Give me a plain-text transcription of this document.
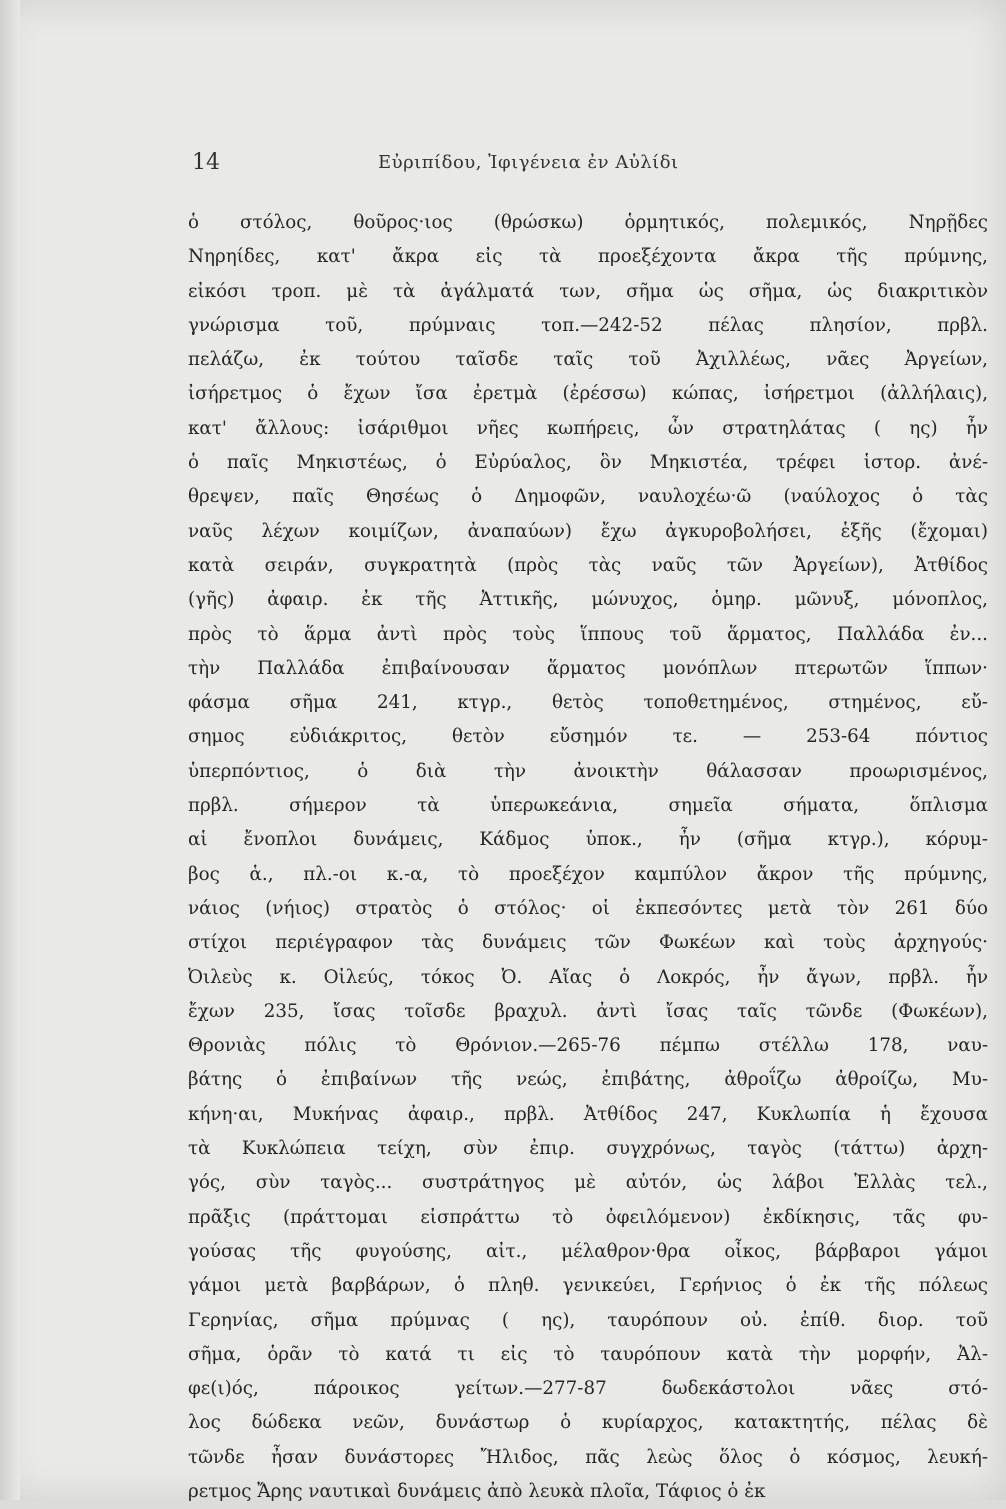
14	Εὐριπίδου, Ἰφιγένεια ἐν Αὐλίδι
ὁ στόλος, θοῦρος·ιος (θρώσκω) ὁρμητικός, πολεμικός, Νηρῇδες
Νηρηίδες, κατ' ἄκρα εἰς τὰ προεξέχοντα ἄκρα τῆς πρύμνης,
εἰκόσι τροπ. μὲ τὰ ἀγάλματά των, σῆμα ὡς σῆμα, ὡς διακριτικὸν
γνώρισμα τοῦ, πρύμναις τοπ.—242-52 πέλας πλησίον, πρβλ.
πελάζω, ἐκ τούτου ταῖσδε ταῖς τοῦ Ἀχιλλέως, νᾶες Ἀργείων,
ἰσήρετμος ὁ ἔχων ἴσα ἐρετμὰ (ἐρέσσω) κώπας, ἰσήρετμοι (ἀλλήλαις),
κατ' ἄλλους: ἰσάριθμοι νῆες κωπήρεις, ὧν στρατηλάτας ( ης) ἦν
ὁ παῖς Μηκιστέως, ὁ Εὐρύαλος, ὃν Μηκιστέα, τρέφει ἱστορ. ἀνέ-
θρεψεν, παῖς Θησέως ὁ Δημοφῶν, ναυλοχέω·ῶ (ναύλοχος ὁ τὰς
ναῦς λέχων κοιμίζων, ἀναπαύων) ἔχω ἀγκυροβολήσει, ἑξῆς (ἔχομαι)
κατὰ σειράν, συγκρατητὰ (πρὸς τὰς ναῦς τῶν Ἀργείων), Ἀτθίδος
(γῆς) ἀφαιρ. ἐκ τῆς Ἀττικῆς, μώνυχος, ὁμηρ. μῶνυξ, μόνοπλος,
πρὸς τὸ ἅρμα ἀντὶ πρὸς τοὺς ἵππους τοῦ ἅρματος, Παλλάδα ἐν...
τὴν Παλλάδα ἐπιβαίνουσαν ἅρματος μονόπλων πτερωτῶν ἵππων·
φάσμα σῆμα 241, κτγρ., θετὸς τοποθετημένος, στημένος, εὔ-
σημος εὐδιάκριτος, θετὸν εὔσημόν τε. — 253-64 πόντιος
ὑπερπόντιος, ὁ διὰ τὴν ἀνοικτὴν θάλασσαν προωρισμένος,
πρβλ. σήμερον τὰ ὑπερωκεάνια, σημεῖα σήματα, ὅπλισμα
αἱ ἔνοπλοι δυνάμεις, Κάδμος ὑποκ., ἦν (σῆμα κτγρ.), κόρυμ-
βος ἁ., πλ.-οι κ.-α, τὸ προεξέχον καμπύλον ἄκρον τῆς πρύμνης,
νάιος (νήιος) στρατὸς ὁ στόλος· οἱ ἐκπεσόντες μετὰ τὸν 261 δύο
στίχοι περιέγραφον τὰς δυνάμεις τῶν Φωκέων καὶ τοὺς ἀρχηγούς·
Ὀιλεὺς κ. Οἰλεύς, τόκος Ὀ. Αἴας ὁ Λοκρός, ἦν ἄγων, πρβλ. ἦν
ἔχων 235, ἴσας τοῖσδε βραχυλ. ἀντὶ ἴσας ταῖς τῶνδε (Φωκέων),
Θρονιὰς πόλις τὸ Θρόνιον.—265-76 πέμπω στέλλω 178, ναυ-
βάτης ὁ ἐπιβαίνων τῆς νεώς, ἐπιβάτης, ἀθροΐζω ἀθροίζω, Μυ-
κήνη·αι, Μυκήνας ἀφαιρ., πρβλ. Ἀτθίδος 247, Κυκλωπία ἡ ἔχουσα
τὰ Κυκλώπεια τείχη, σὺν ἐπιρ. συγχρόνως, ταγὸς (τάττω) ἀρχη-
γός, σὺν ταγὸς... συστράτηγος μὲ αὐτόν, ὡς λάβοι Ἑλλὰς τελ.,
πρᾶξις (πράττομαι εἰσπράττω τὸ ὀφειλόμενον) ἐκδίκησις, τᾶς φυ-
γούσας τῆς φυγούσης, αἰτ., μέλαθρον·θρα οἶκος, βάρβαροι γάμοι
γάμοι μετὰ βαρβάρων, ὁ πληθ. γενικεύει, Γερήνιος ὁ ἐκ τῆς πόλεως
Γερηνίας, σῆμα πρύμνας ( ης), ταυρόπουν οὐ. ἐπίθ. διορ. τοῦ
σῆμα, ὁρᾶν τὸ κατά τι εἰς τὸ ταυρόπουν κατὰ τὴν μορφήν, Ἀλ-
φε(ι)ός, πάροικος γείτων.—277-87 δωδεκάστολοι νᾶες στό-
λος δώδεκα νεῶν, δυνάστωρ ὁ κυρίαρχος, κατακτητής, πέλας δὲ
τῶνδε ἦσαν δυνάστορες Ἤλιδος, πᾶς λεὼς ὅλος ὁ κόσμος, λευκή-
ρετμος Ἄρης ναυτικαὶ δυνάμεις ἀπὸ λευκὰ πλοῖα, Τάφιος ὁ ἐκ
